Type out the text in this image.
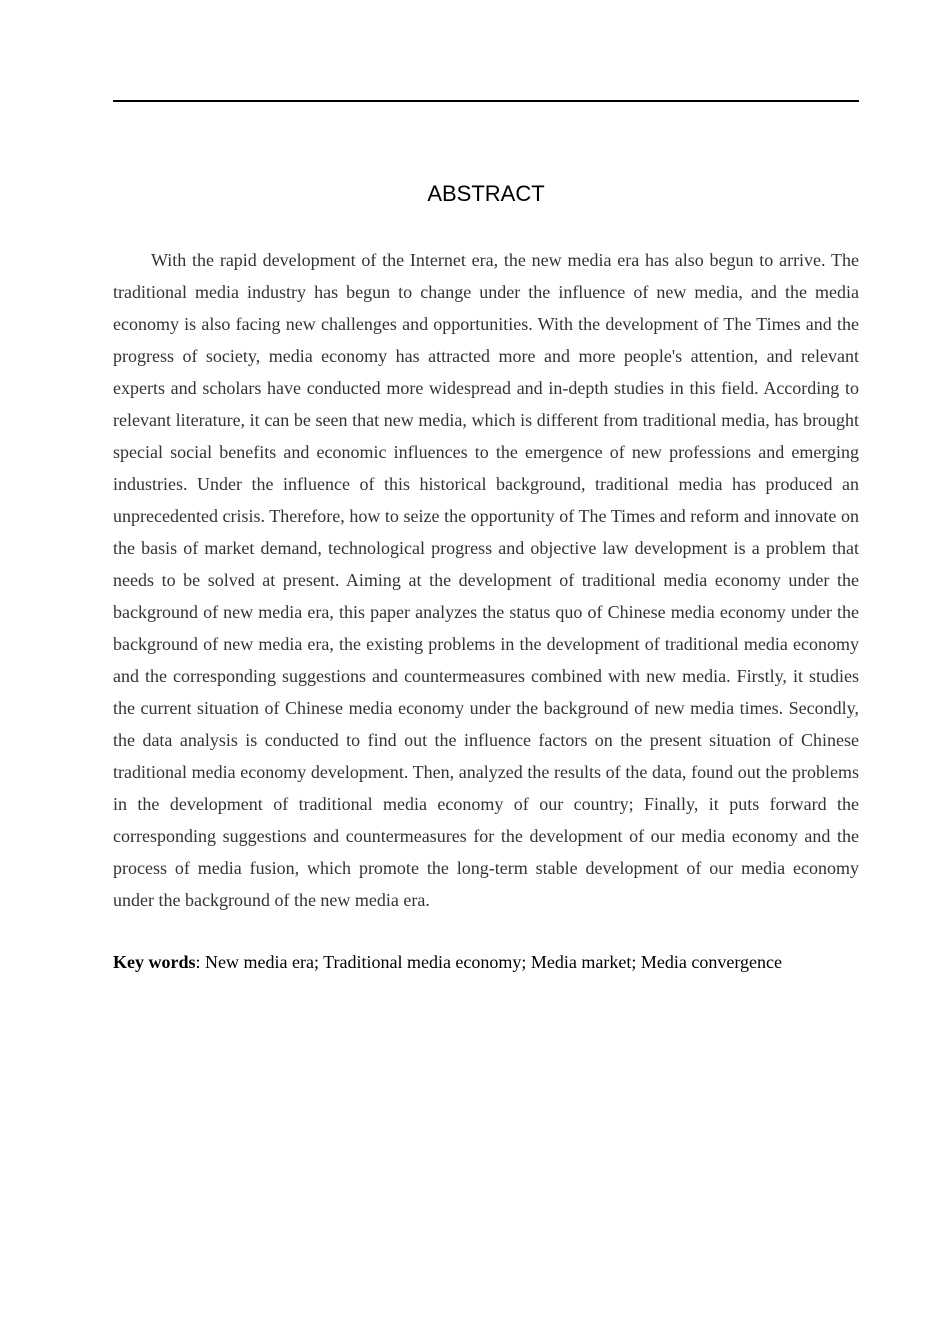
ABSTRACT

With the rapid development of the Internet era, the new media era has also begun to arrive. The traditional media industry has begun to change under the influence of new media, and the media economy is also facing new challenges and opportunities. With the development of The Times and the progress of society, media economy has attracted more and more people's attention, and relevant experts and scholars have conducted more widespread and in-depth studies in this field. According to relevant literature, it can be seen that new media, which is different from traditional media, has brought special social benefits and economic influences to the emergence of new professions and emerging industries. Under the influence of this historical background, traditional media has produced an unprecedented crisis. Therefore, how to seize the opportunity of The Times and reform and innovate on the basis of market demand, technological progress and objective law development is a problem that needs to be solved at present. Aiming at the development of traditional media economy under the background of new media era, this paper analyzes the status quo of Chinese media economy under the background of new media era, the existing problems in the development of traditional media economy and the corresponding suggestions and countermeasures combined with new media. Firstly, it studies the current situation of Chinese media economy under the background of new media times. Secondly, the data analysis is conducted to find out the influence factors on the present situation of Chinese traditional media economy development. Then, analyzed the results of the data, found out the problems in the development of traditional media economy of our country; Finally, it puts forward the corresponding suggestions and countermeasures for the development of our media economy and the process of media fusion, which promote the long-term stable development of our media economy under the background of the new media era.

Key words: New media era; Traditional media economy; Media market; Media convergence
